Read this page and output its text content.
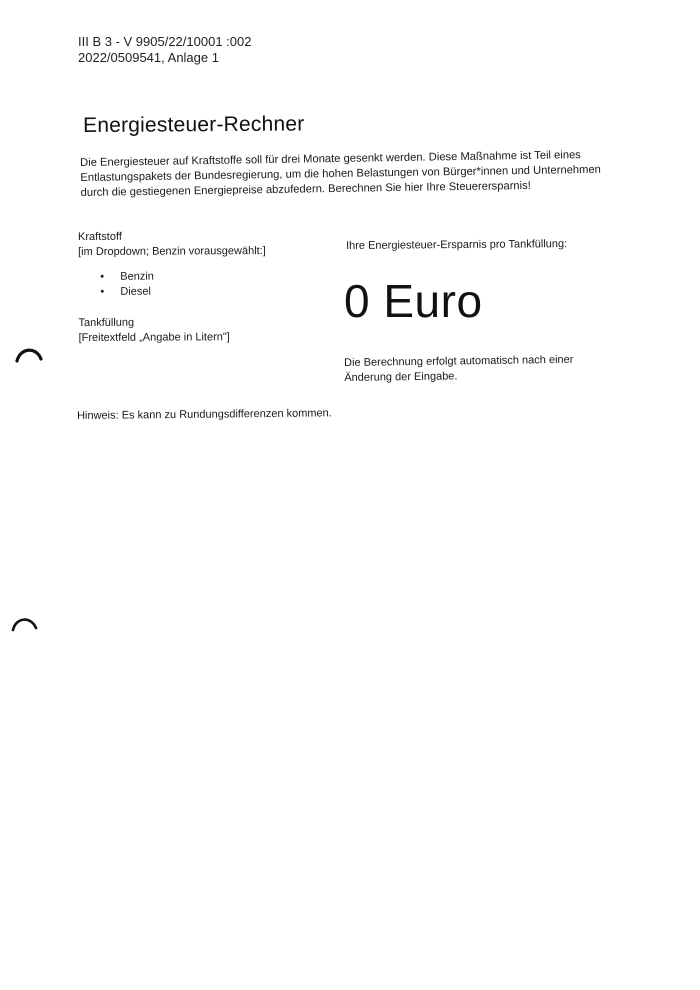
III B 3 - V 9905/22/10001 :002
2022/0509541, Anlage 1
Energiesteuer-Rechner

Die Energiesteuer auf Kraftstoffe soll für drei Monate gesenkt werden. Diese Maßnahme ist Teil eines

Entlastungspakets der Bundesregierung, um die hohen Belastungen von Bürger*innen und Unternehmen

durch die gestiegenen Energiepreise abzufedern. Berechnen Sie hier Ihre Steuerersparnis!

Kraftstoff

[im Dropdown; Benzin vorausgewählt:]

• Benzin
• Diesel

Tankfüllung

[Freitextfeld „Angabe in Litern"]

Ihre Energiesteuer-Ersparnis pro Tankfüllung:
0 Euro

Die Berechnung erfolgt automatisch nach einer

Änderung der Eingabe.

Hinweis: Es kann zu Rundungsdifferenzen kommen.
